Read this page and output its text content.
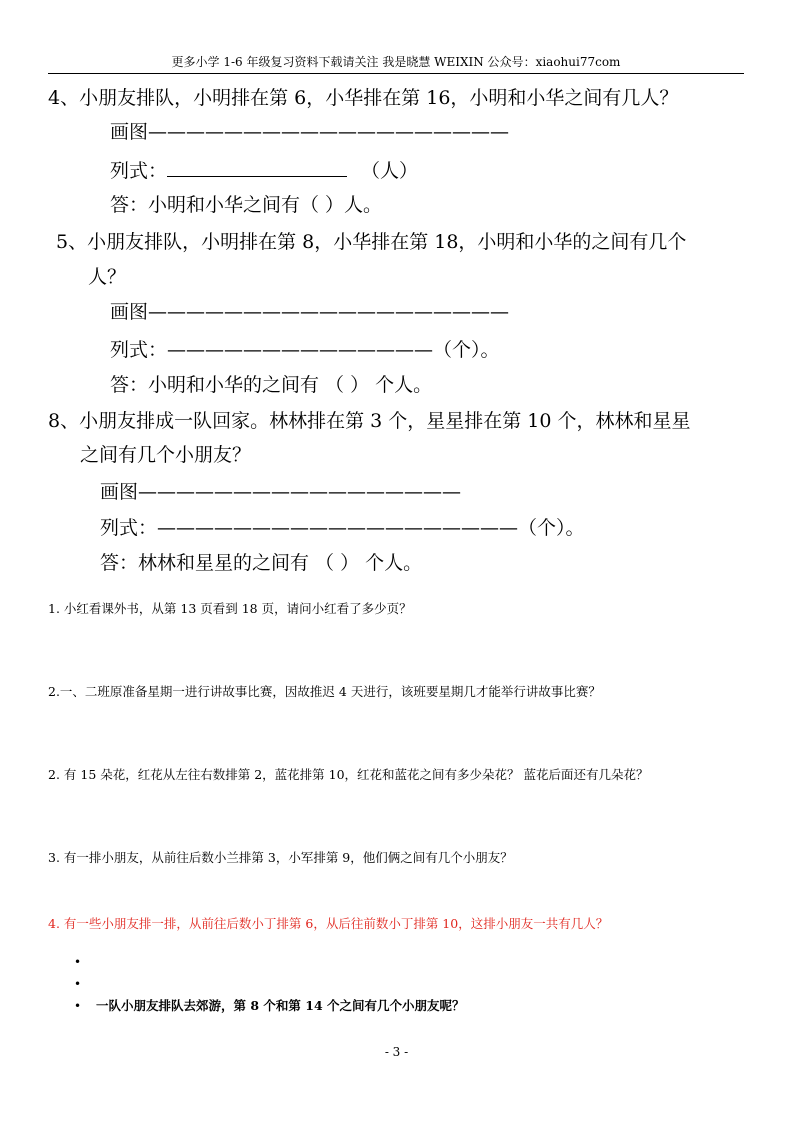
更多小学 1-6 年级复习资料下载请关注 我是晓慧 WEIXIN 公众号：xiaohui77com
4、小朋友排队，小明排在第 6，小华排在第 16，小明和小华之间有几人？
画图———————————————————
列式：	（人）
答：小明和小华之间有（ ）人。
5、小朋友排队，小明排在第 8，小华排在第 18，小明和小华的之间有几个
人？
画图———————————————————
列式：——————————————（个）。
答：小明和小华的之间有 （ ） 个人。
8、小朋友排成一队回家。林林排在第 3 个，星星排在第 10 个，林林和星星
之间有几个小朋友？
画图—————————————————
列式：———————————————————（个）。
答：林林和星星的之间有 （ ） 个人。
1. 小红看课外书，从第 13 页看到 18 页，请问小红看了多少页？
2.一、二班原准备星期一进行讲故事比赛，因故推迟 4 天进行，该班要星期几才能举行讲故事比赛？
2. 有 15 朵花，红花从左往右数排第 2，蓝花排第 10，红花和蓝花之间有多少朵花？ 蓝花后面还有几朵花？
3. 有一排小朋友，从前往后数小兰排第 3，小军排第 9，他们俩之间有几个小朋友？
4. 有一些小朋友排一排，从前往后数小丁排第 6，从后往前数小丁排第 10，这排小朋友一共有几人？
•
•
• 一队小朋友排队去郊游，第 8 个和第 14 个之间有几个小朋友呢？
- 3 -
